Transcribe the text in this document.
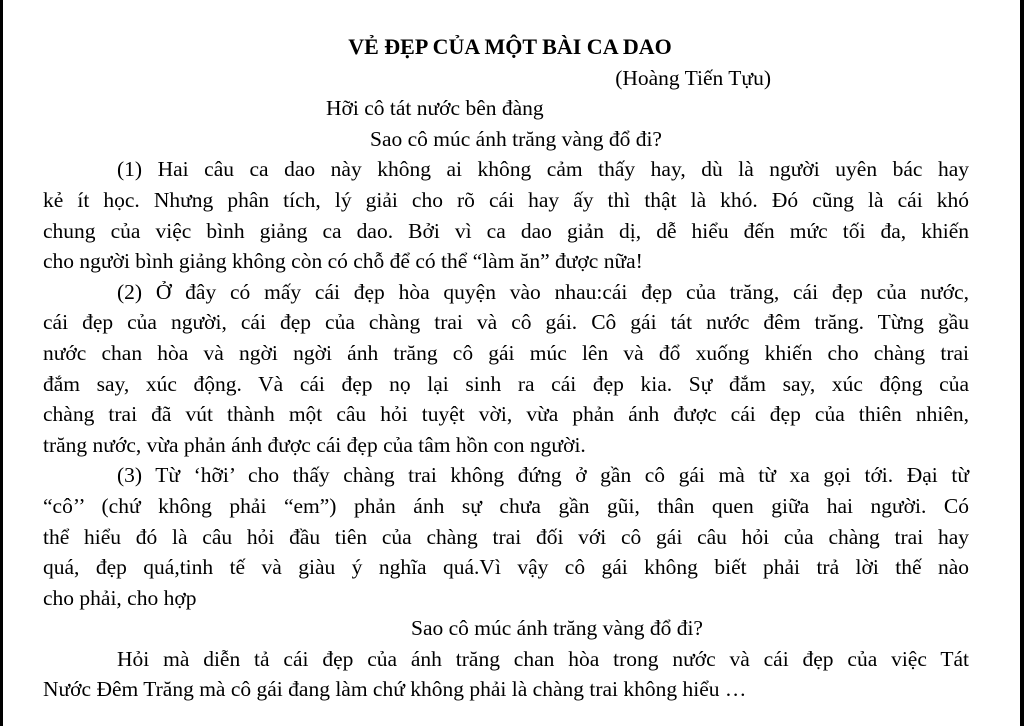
VẺ ĐẸP CỦA MỘT BÀI CA DAO
(Hoàng Tiến Tựu)
Hỡi cô tát nước bên đàng
Sao cô múc ánh trăng vàng đổ đi?
(1) Hai câu ca dao này không ai không cảm thấy hay, dù là người uyên bác hay
kẻ ít học. Nhưng phân tích, lý giải cho rõ cái hay ấy thì thật là khó. Đó cũng là cái khó
chung của việc bình giảng ca dao. Bởi vì ca dao giản dị, dễ hiểu đến mức tối đa, khiến
cho người bình giảng không còn có chỗ để có thể “làm ăn” được nữa!
(2) Ở đây có mấy cái đẹp hòa quyện vào nhau:cái đẹp của trăng, cái đẹp của nước,
cái đẹp của người, cái đẹp của chàng trai và cô gái. Cô gái tát nước đêm trăng. Từng gầu
nước chan hòa và ngời ngời ánh trăng cô gái múc lên và đổ xuống khiến cho chàng trai
đắm say, xúc động. Và cái đẹp nọ lại sinh ra cái đẹp kia. Sự đắm say, xúc động của
chàng trai đã vút thành một câu hỏi tuyệt vời, vừa phản ánh được cái đẹp của thiên nhiên,
trăng nước, vừa phản ánh được cái đẹp của tâm hồn con người.
(3) Từ ‘hỡi’ cho thấy chàng trai không đứng ở gần cô gái mà từ xa gọi tới. Đại từ
“cô’’ (chứ không phải “em”) phản ánh sự chưa gần gũi, thân quen giữa hai người. Có
thể hiểu đó là câu hỏi đầu tiên của chàng trai đối với cô gái câu hỏi của chàng trai hay
quá, đẹp quá,tinh tế và giàu ý nghĩa quá.Vì vậy cô gái không biết phải trả lời thế nào
cho phải, cho hợp
Sao cô múc ánh trăng vàng đổ đi?
Hỏi mà diễn tả cái đẹp của ánh trăng chan hòa trong nước và cái đẹp của việc Tát
Nước Đêm Trăng mà cô gái đang làm chứ không phải là chàng trai không hiểu …
